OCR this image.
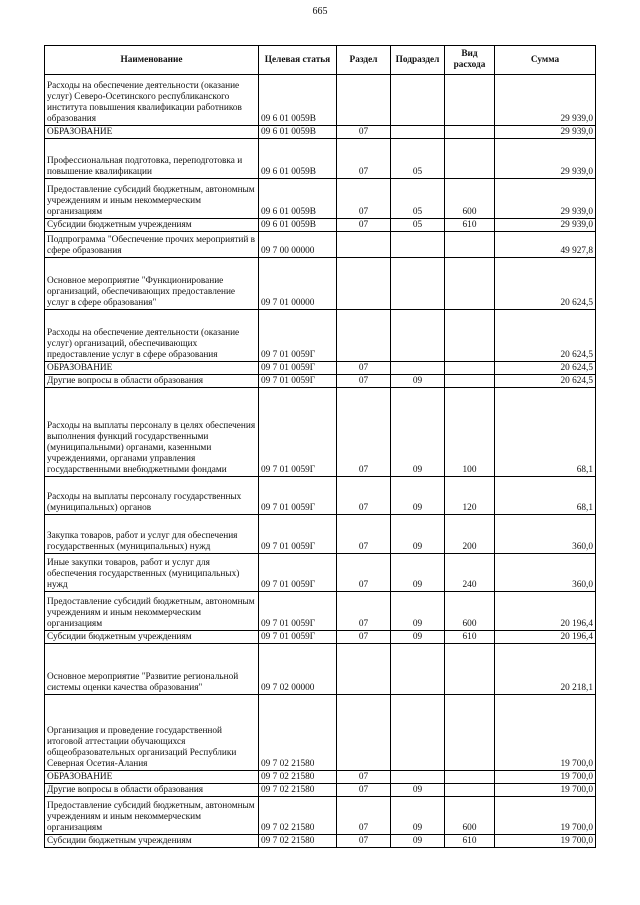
665
Наименование	Целевая статья	Раздел	Подраздел	Вид расхода	Сумма
Расходы на обеспечение деятельности (оказание услуг) Северо-Осетинского республиканского института повышения квалификации работников образования	09 6 01 0059В				29 939,0
ОБРАЗОВАНИЕ	09 6 01 0059В	07			29 939,0
Профессиональная подготовка, переподготовка и повышение квалификации	09 6 01 0059В	07	05		29 939,0
Предоставление субсидий бюджетным, автономным учреждениям и иным некоммерческим организациям	09 6 01 0059В	07	05	600	29 939,0
Субсидии бюджетным учреждениям	09 6 01 0059В	07	05	610	29 939,0
Подпрограмма "Обеспечение прочих мероприятий в сфере образования	09 7 00 00000				49 927,8
Основное мероприятие "Функционирование организаций, обеспечивающих предоставление услуг в сфере образования"	09 7 01 00000				20 624,5
Расходы на обеспечение деятельности (оказание услуг) организаций, обеспечивающих предоставление услуг в сфере образования	09 7 01 0059Г				20 624,5
ОБРАЗОВАНИЕ	09 7 01 0059Г	07			20 624,5
Другие вопросы в области образования	09 7 01 0059Г	07	09		20 624,5
Расходы на выплаты персоналу в целях обеспечения выполнения функций государственными (муниципальными) органами, казенными учреждениями, органами управления государственными внебюджетными фондами	09 7 01 0059Г	07	09	100	68,1
Расходы на выплаты персоналу государственных (муниципальных) органов	09 7 01 0059Г	07	09	120	68,1
Закупка товаров, работ и услуг для обеспечения государственных (муниципальных) нужд	09 7 01 0059Г	07	09	200	360,0
Иные закупки товаров, работ и услуг для обеспечения государственных (муниципальных) нужд	09 7 01 0059Г	07	09	240	360,0
Предоставление субсидий бюджетным, автономным учреждениям и иным некоммерческим организациям	09 7 01 0059Г	07	09	600	20 196,4
Субсидии бюджетным учреждениям	09 7 01 0059Г	07	09	610	20 196,4
Основное мероприятие "Развитие региональной системы оценки качества образования"	09 7 02 00000				20 218,1
Организация и проведение государственной итоговой аттестации обучающихся общеобразовательных организаций Республики Северная Осетия-Алания	09 7 02 21580				19 700,0
ОБРАЗОВАНИЕ	09 7 02 21580	07			19 700,0
Другие вопросы в области образования	09 7 02 21580	07	09		19 700,0
Предоставление субсидий бюджетным, автономным учреждениям и иным некоммерческим организациям	09 7 02 21580	07	09	600	19 700,0
Субсидии бюджетным учреждениям	09 7 02 21580	07	09	610	19 700,0
